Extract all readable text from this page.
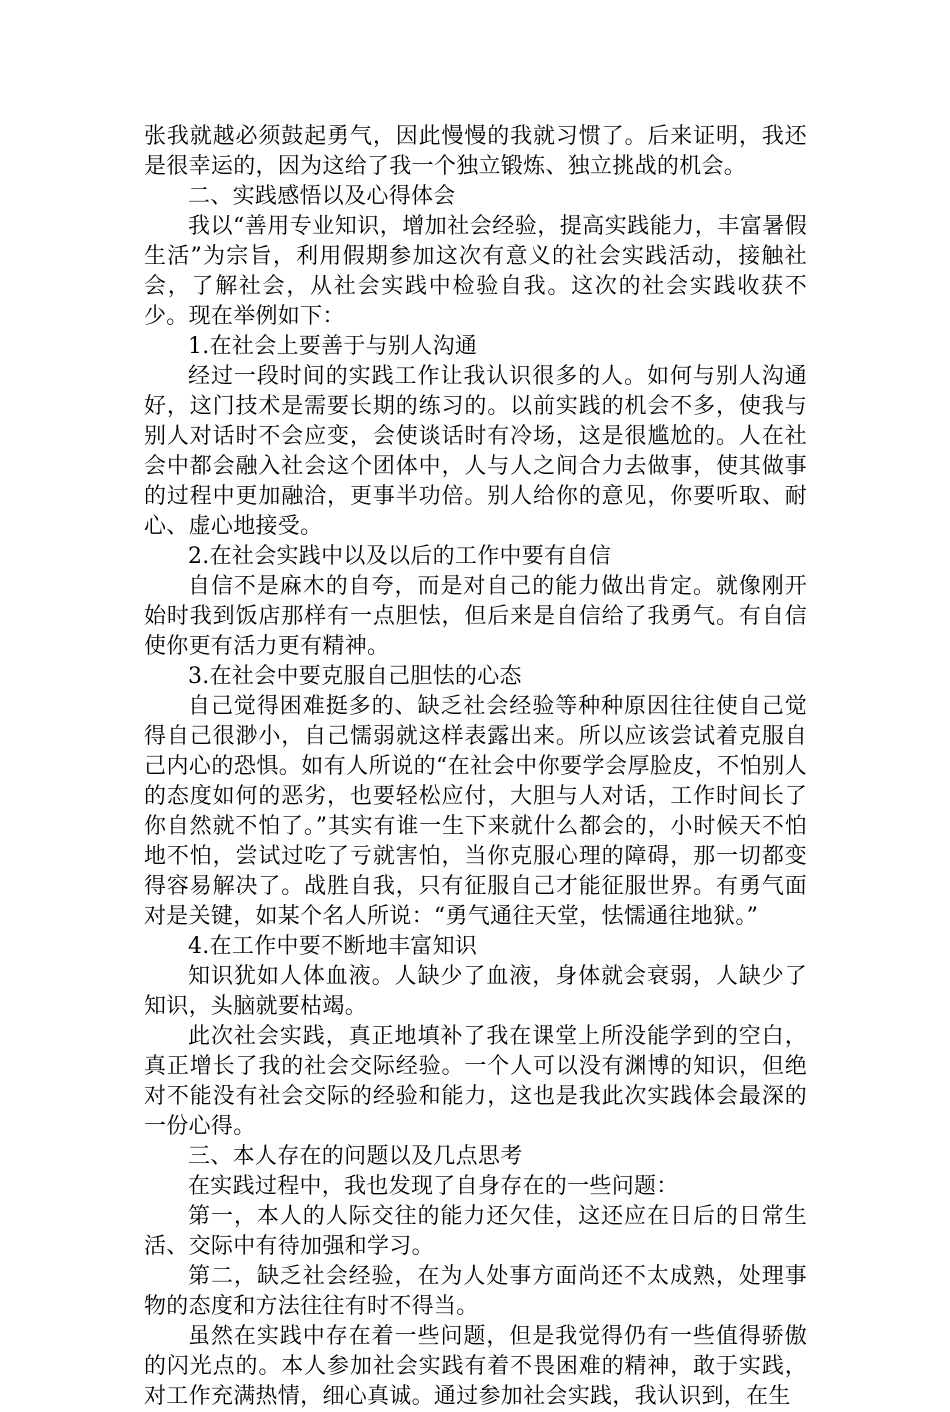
张我就越必须鼓起勇气，因此慢慢的我就习惯了。后来证明，我还是很幸运的，因为这给了我一个独立锻炼、独立挑战的机会。

二、实践感悟以及心得体会

我以“善用专业知识，增加社会经验，提高实践能力，丰富暑假生活”为宗旨，利用假期参加这次有意义的社会实践活动，接触社会，了解社会，从社会实践中检验自我。这次的社会实践收获不少。现在举例如下：

1.在社会上要善于与别人沟通

经过一段时间的实践工作让我认识很多的人。如何与别人沟通好，这门技术是需要长期的练习的。以前实践的机会不多，使我与别人对话时不会应变，会使谈话时有冷场，这是很尴尬的。人在社会中都会融入社会这个团体中，人与人之间合力去做事，使其做事的过程中更加融洽，更事半功倍。别人给你的意见，你要听取、耐心、虚心地接受。

2.在社会实践中以及以后的工作中要有自信

自信不是麻木的自夸，而是对自己的能力做出肯定。就像刚开始时我到饭店那样有一点胆怯，但后来是自信给了我勇气。有自信使你更有活力更有精神。

3.在社会中要克服自己胆怯的心态

自己觉得困难挺多的、缺乏社会经验等种种原因往往使自己觉得自己很渺小，自己懦弱就这样表露出来。所以应该尝试着克服自己内心的恐惧。如有人所说的“在社会中你要学会厚脸皮，不怕别人的态度如何的恶劣，也要轻松应付，大胆与人对话，工作时间长了你自然就不怕了。”其实有谁一生下来就什么都会的，小时候天不怕地不怕，尝试过吃了亏就害怕，当你克服心理的障碍，那一切都变得容易解决了。战胜自我，只有征服自己才能征服世界。有勇气面对是关键，如某个名人所说：“勇气通往天堂，怯懦通往地狱。”

4.在工作中要不断地丰富知识

知识犹如人体血液。人缺少了血液，身体就会衰弱，人缺少了知识，头脑就要枯竭。

此次社会实践，真正地填补了我在课堂上所没能学到的空白，真正增长了我的社会交际经验。一个人可以没有渊博的知识，但绝对不能没有社会交际的经验和能力，这也是我此次实践体会最深的一份心得。

三、本人存在的问题以及几点思考

在实践过程中，我也发现了自身存在的一些问题：

第一，本人的人际交往的能力还欠佳，这还应在日后的日常生活、交际中有待加强和学习。

第二，缺乏社会经验，在为人处事方面尚还不太成熟，处理事物的态度和方法往往有时不得当。

虽然在实践中存在着一些问题，但是我觉得仍有一些值得骄傲的闪光点的。本人参加社会实践有着不畏困难的精神，敢于实践，对工作充满热情，细心真诚。通过参加社会实践，我认识到，在生
